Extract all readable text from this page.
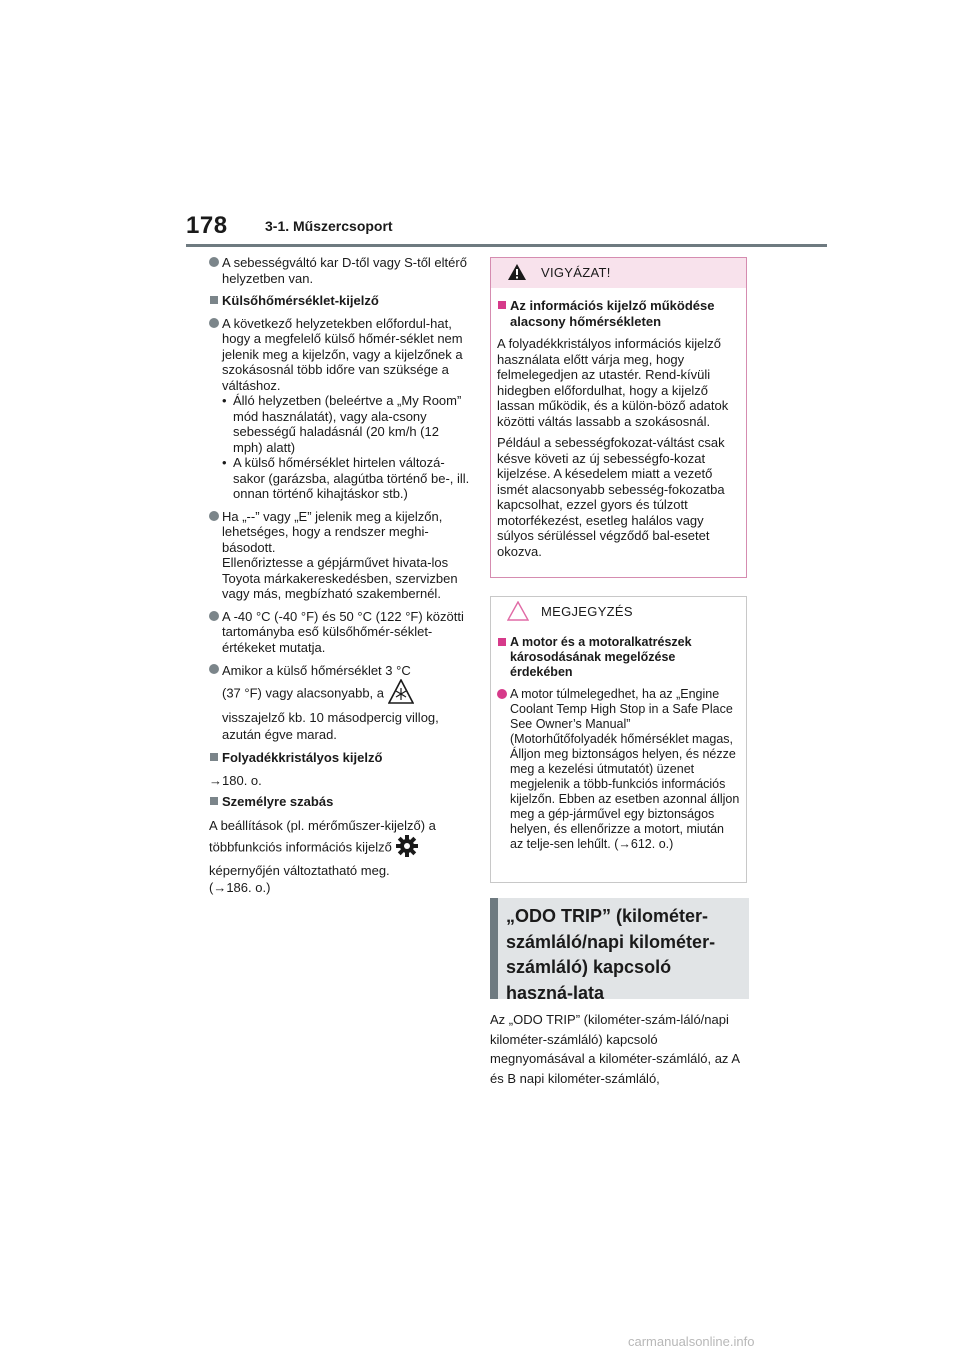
178	3-1. Műszercsoport
A sebességváltó kar D-től vagy S-től eltérő helyzetben van.
Külsőhőmérséklet-kijelző
A következő helyzetekben előfordul-hat, hogy a megfelelő külső hőmér-séklet nem jelenik meg a kijelzőn, vagy a kijelzőnek a szokásosnál több időre van szüksége a váltáshoz.
• Álló helyzetben (beleértve a „My Room” mód használatát), vagy ala-csony sebességű haladásnál (20 km/h (12 mph) alatt)
• A külső hőmérséklet hirtelen változá-sakor (garázsba, alagútba történő be-, ill. onnan történő kihajtáskor stb.)
Ha „--” vagy „E” jelenik meg a kijelzőn, lehetséges, hogy a rendszer meghi-básodott.
Ellenőriztesse a gépjárművet hivata-los Toyota márkakereskedésben, szervizben vagy más, megbízható szakembernél.
A -40 °C (-40 °F) és 50 °C (122 °F) közötti tartományba eső külsőhőmér-séklet-értékeket mutatja.
Amikor a külső hőmérséklet 3 °C
(37 °F) vagy alacsonyabb, a
visszajelző kb. 10 másodpercig villog, azután égve marad.
Folyadékkristályos kijelző
→180. o.
Személyre szabás
A beállítások (pl. mérőműszer-kijelző) a
többfunkciós információs kijelző
képernyőjén változtatható meg.
(→186. o.)
VIGYÁZAT!
Az információs kijelző működése alacsony hőmérsékleten

A folyadékkristályos információs kijelző használata előtt várja meg, hogy felmelegedjen az utastér. Rend-kívüli hidegben előfordulhat, hogy a kijelző lassan működik, és a külön-böző adatok közötti váltás lassabb a szokásosnál.

Például a sebességfokozat-váltást csak késve követi az új sebességfo-kozat kijelzése. A késedelem miatt a vezető ismét alacsonyabb sebesség-fokozatba kapcsolhat, ezzel gyors és túlzott motorfékezést, esetleg halálos vagy súlyos sérüléssel végződő bal-esetet okozva.

MEGJEGYZÉS
A motor és a motoralkatrészek károsodásának megelőzése érdekében
A motor túlmelegedhet, ha az „Engine Coolant Temp High Stop in a Safe Place See Owner’s Manual” (Motorhűtőfolyadék hőmérséklet magas, Álljon meg biztonságos helyen, és nézze meg a kezelési útmutatót) üzenet megjelenik a több-funkciós információs kijelzőn. Ebben az esetben azonnal álljon meg a gép-járművel egy biztonságos helyen, és ellenőrizze a motort, miután az telje-sen lehűlt. (→612. o.)
„ODO TRIP” (kilométer-számláló/napi kilométer-számláló) kapcsoló haszná-lata
Az „ODO TRIP” (kilométer-szám-láló/napi kilométer-számláló) kapcsoló megnyomásával a kilométer-számláló, az A és B napi kilométer-számláló,
carmanualsonline.info
